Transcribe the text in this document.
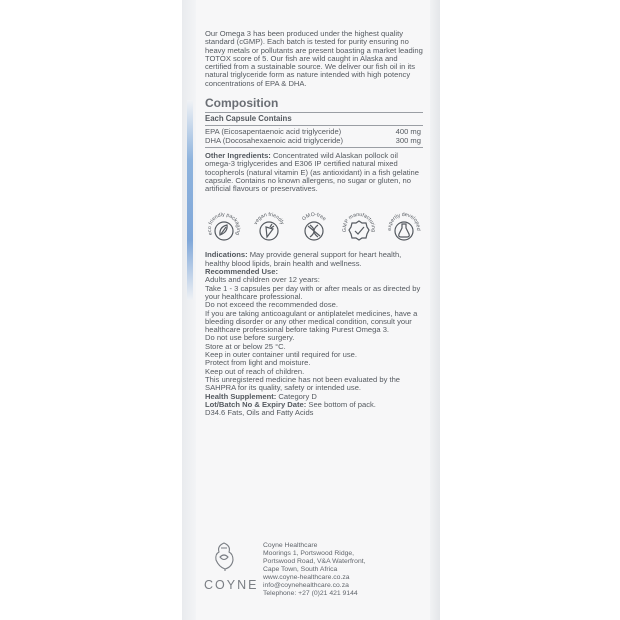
Our Omega 3 has been produced under the highest quality standard (cGMP). Each batch is tested for purity ensuring no heavy metals or pollutants are present boasting a market leading TOTOX score of 5. Our fish are wild caught in Alaska and certified from a sustainable source. We deliver our fish oil in its natural triglyceride form as nature intended with high potency concentrations of EPA & DHA.

Composition
Each Capsule Contains
EPA (Eicosapentaenoic acid triglyceride)	400 mg
DHA (Docosahexaenoic acid triglyceride)	300 mg

Other Ingredients: Concentrated wild Alaskan pollock oil omega-3 triglycerides and E306 IP certified natural mixed tocopherols (natural vitamin E) (as antioxidant) in a fish gelatine capsule. Contains no known allergens, no sugar or gluten, no artificial flavours or preservatives.

eco friendly packaging
vegan friendly
GMO-free
GMP manufacturing expertly developed

Indications: May provide general support for heart health, healthy blood lipids, brain health and wellness.

Recommended Use:

Adults and children over 12 years:

Take 1 - 3 capsules per day with or after meals or as directed by your healthcare professional.

Do not exceed the recommended dose.

If you are taking anticoagulant or antiplatelet medicines, have a bleeding disorder or any other medical condition, consult your healthcare professional before taking Purest Omega 3.

Do not use before surgery.

Store at or below 25 °C.

Keep in outer container until required for use.

Protect from light and moisture.

Keep out of reach of children.

This unregistered medicine has not been evaluated by the SAHPRA for its quality, safety or intended use.

Health Supplement: Category D

Lot/Batch No & Expiry Date: See bottom of pack.

D34.6 Fats, Oils and Fatty Acids

COYNE
Coyne Healthcare
Moorings 1, Portswood Ridge,
Portswood Road, V&A Waterfront,
Cape Town, South Africa
www.coyne-healthcare.co.za
info@coynehealthcare.co.za
Telephone: +27 (0)21 421 9144
